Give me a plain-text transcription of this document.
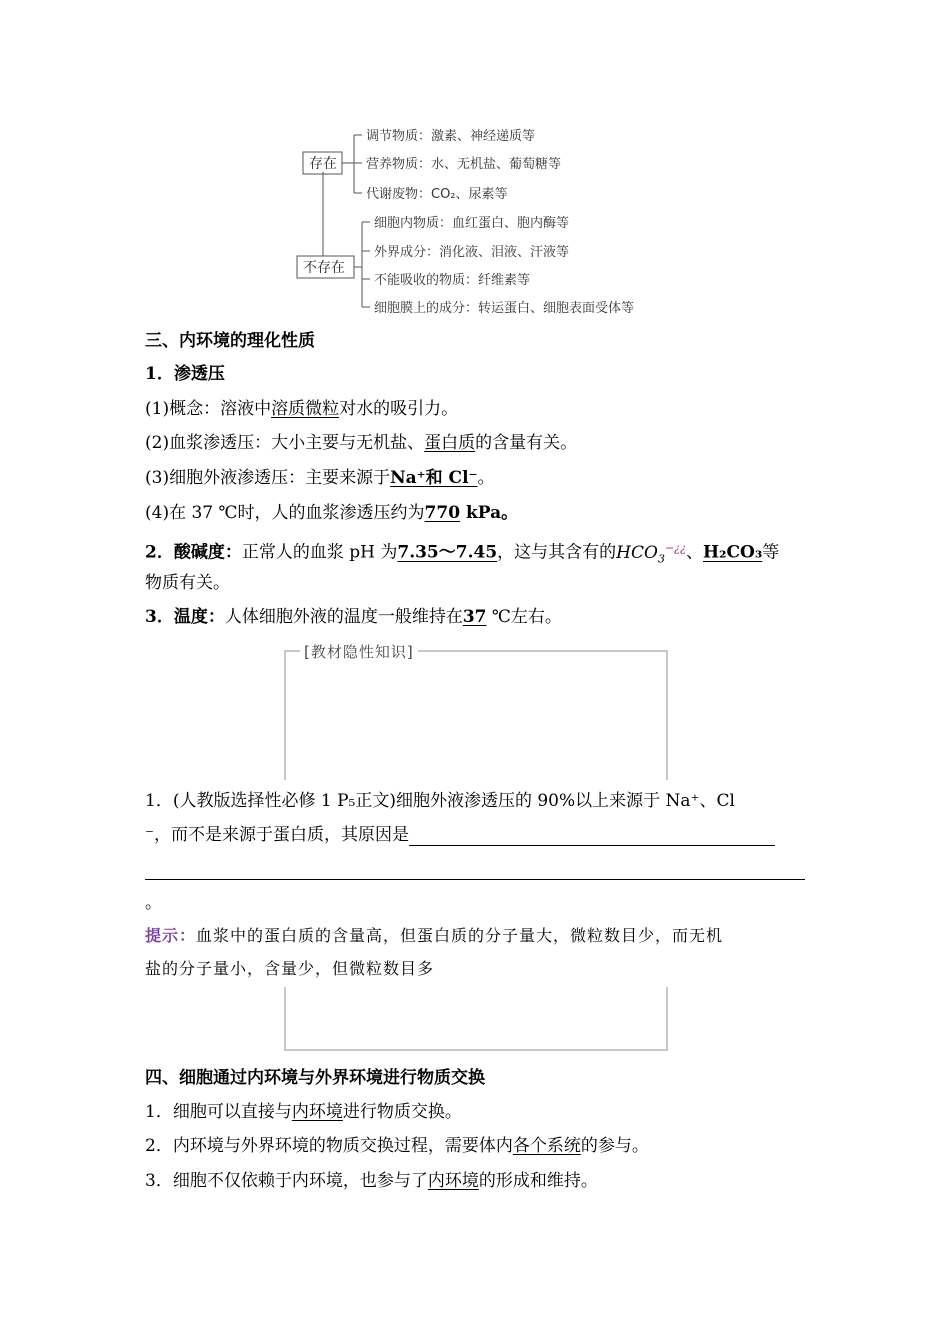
存在
不存在
调节物质：激素、神经递质等
营养物质：水、无机盐、葡萄糖等
代谢废物：CO₂、尿素等
细胞内物质：血红蛋白、胞内酶等
外界成分：消化液、泪液、汗液等
不能吸收的物质：纤维素等
细胞膜上的成分：转运蛋白、细胞表面受体等
三、内环境的理化性质
1．渗透压
(1)概念：溶液中溶质微粒对水的吸引力。
(2)血浆渗透压：大小主要与无机盐、蛋白质的含量有关。
(3)细胞外液渗透压：主要来源于Na⁺和 Cl⁻。
(4)在 37 ℃时，人的血浆渗透压约为770 kPa。
2．酸碱度：正常人的血浆 pH 为7.35～7.45，这与其含有的$HCO_3^{-¿¿}$、H₂CO₃等
物质有关。
3．温度：人体细胞外液的温度一般维持在37 ℃左右。
[教材隐性知识]
1．(人教版选择性必修 1 P₅正文)细胞外液渗透压的 90%以上来源于 Na⁺、Cl
⁻，而不是来源于蛋白质，其原因是
。
提示：血浆中的蛋白质的含量高，但蛋白质的分子量大，微粒数目少，而无机
盐的分子量小，含量少，但微粒数目多
四、细胞通过内环境与外界环境进行物质交换
1．细胞可以直接与内环境进行物质交换。
2．内环境与外界环境的物质交换过程，需要体内各个系统的参与。
3．细胞不仅依赖于内环境，也参与了内环境的形成和维持。
